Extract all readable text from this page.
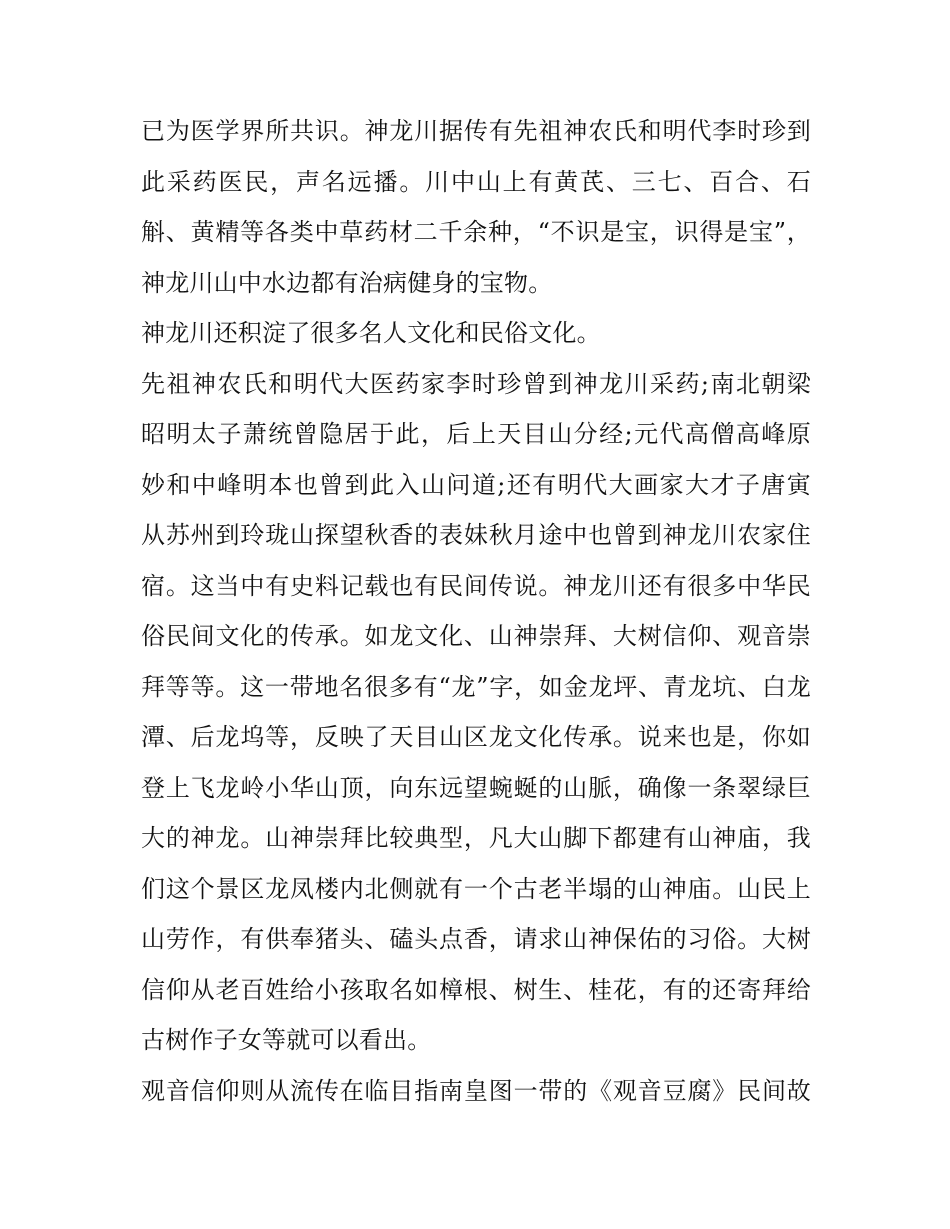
已为医学界所共识。神龙川据传有先祖神农氏和明代李时珍到
此采药医民，声名远播。川中山上有黄芪、三七、百合、石
斛、黄精等各类中草药材二千余种，“不识是宝，识得是宝”，
神龙川山中水边都有治病健身的宝物。
神龙川还积淀了很多名人文化和民俗文化。
先祖神农氏和明代大医药家李时珍曾到神龙川采药;南北朝梁
昭明太子萧统曾隐居于此，后上天目山分经;元代高僧高峰原
妙和中峰明本也曾到此入山问道;还有明代大画家大才子唐寅
从苏州到玲珑山探望秋香的表妹秋月途中也曾到神龙川农家住
宿。这当中有史料记载也有民间传说。神龙川还有很多中华民
俗民间文化的传承。如龙文化、山神崇拜、大树信仰、观音崇
拜等等。这一带地名很多有“龙”字，如金龙坪、青龙坑、白龙
潭、后龙坞等，反映了天目山区龙文化传承。说来也是，你如
登上飞龙岭小华山顶，向东远望蜿蜒的山脈，确像一条翠绿巨
大的神龙。山神崇拜比较典型，凡大山脚下都建有山神庙，我
们这个景区龙凤楼内北侧就有一个古老半塌的山神庙。山民上
山劳作，有供奉猪头、磕头点香，请求山神保佑的习俗。大树
信仰从老百姓给小孩取名如樟根、树生、桂花，有的还寄拜给
古树作子女等就可以看出。
观音信仰则从流传在临目指南皇图一带的《观音豆腐》民间故
